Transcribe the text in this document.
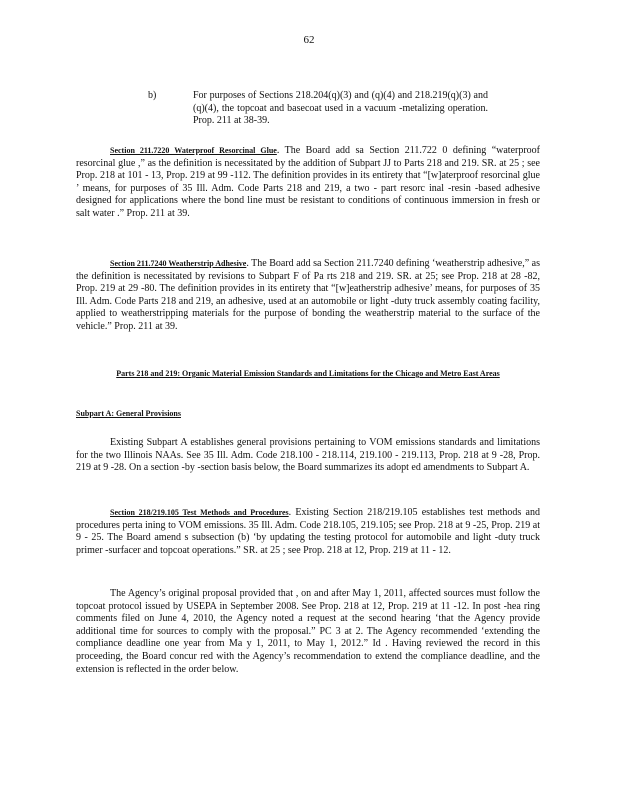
62
b)	For purposes of Sections 218.204(q)(3) and (q)(4) and 218.219(q)(3) and (q)(4), the topcoat and basecoat used in a vacuum -metalizing operation. Prop. 211 at 38-39.

Section 211.7220 Waterproof Resorcinal Glue. The Board add sa Section 211.722 0 defining “waterproof resorcinal glue ,” as the definition is necessitated by the addition of Subpart JJ to Parts 218 and 219. SR. at 25 ; see Prop. 218 at 101 - 13, Prop. 219 at 99 -112. The definition provides in its entirety that “[w]aterproof resorcinal glue ’ means, for purposes of 35 Ill. Adm. Code Parts 218 and 219, a two - part resorc inal -resin -based adhesive designed for applications where the bond line must be resistant to conditions of continuous immersion in fresh or salt water .” Prop. 211 at 39.

Section 211.7240 Weatherstrip Adhesive. The Board add sa Section 211.7240 defining ‘weatherstrip adhesive,” as the definition is necessitated by revisions to Subpart F of Pa rts 218 and 219. SR. at 25; see Prop. 218 at 28 -82, Prop. 219 at 29 -80. The definition provides in its entirety that “[w]eatherstrip adhesive’ means, for purposes of 35 Ill. Adm. Code Parts 218 and 219, an adhesive, used at an automobile or light -duty truck assembly coating facility, applied to weatherstripping materials for the purpose of bonding the weatherstrip material to the surface of the vehicle.” Prop. 211 at 39.

Parts 218 and 219: Organic Material Emission Standards and Limitations for the Chicago and Metro East Areas
Subpart A: General Provisions

Existing Subpart A establishes general provisions pertaining to VOM emissions standards and limitations for the two Illinois NAAs. See 35 Ill. Adm. Code 218.100 - 218.114, 219.100 - 219.113, Prop. 218 at 9 -28, Prop. 219 at 9 -28. On a section -by -section basis below, the Board summarizes its adopt ed amendments to Subpart A.

Section 218/219.105 Test Methods and Procedures. Existing Section 218/219.105 establishes test methods and procedures perta ining to VOM emissions. 35 Ill. Adm. Code 218.105, 219.105; see Prop. 218 at 9 -25, Prop. 219 at 9 - 25. The Board amend s subsection (b) ‘by updating the testing protocol for automobile and light -duty truck primer -surfacer and topcoat operations.” SR. at 25 ; see Prop. 218 at 12, Prop. 219 at 11 - 12.

The Agency’s original proposal provided that , on and after May 1, 2011, affected sources must follow the topcoat protocol issued by USEPA in September 2008. See Prop. 218 at 12, Prop. 219 at 11 -12. In post -hea ring comments filed on June 4, 2010, the Agency noted a request at the second hearing ‘that the Agency provide additional time for sources to comply with the proposal.” PC 3 at 2. The Agency recommended ‘extending the compliance deadline one year from Ma y 1, 2011, to May 1, 2012.” Id . Having reviewed the record in this proceeding, the Board concur red with the Agency’s recommendation to extend the compliance deadline, and the extension is reflected in the order below.
